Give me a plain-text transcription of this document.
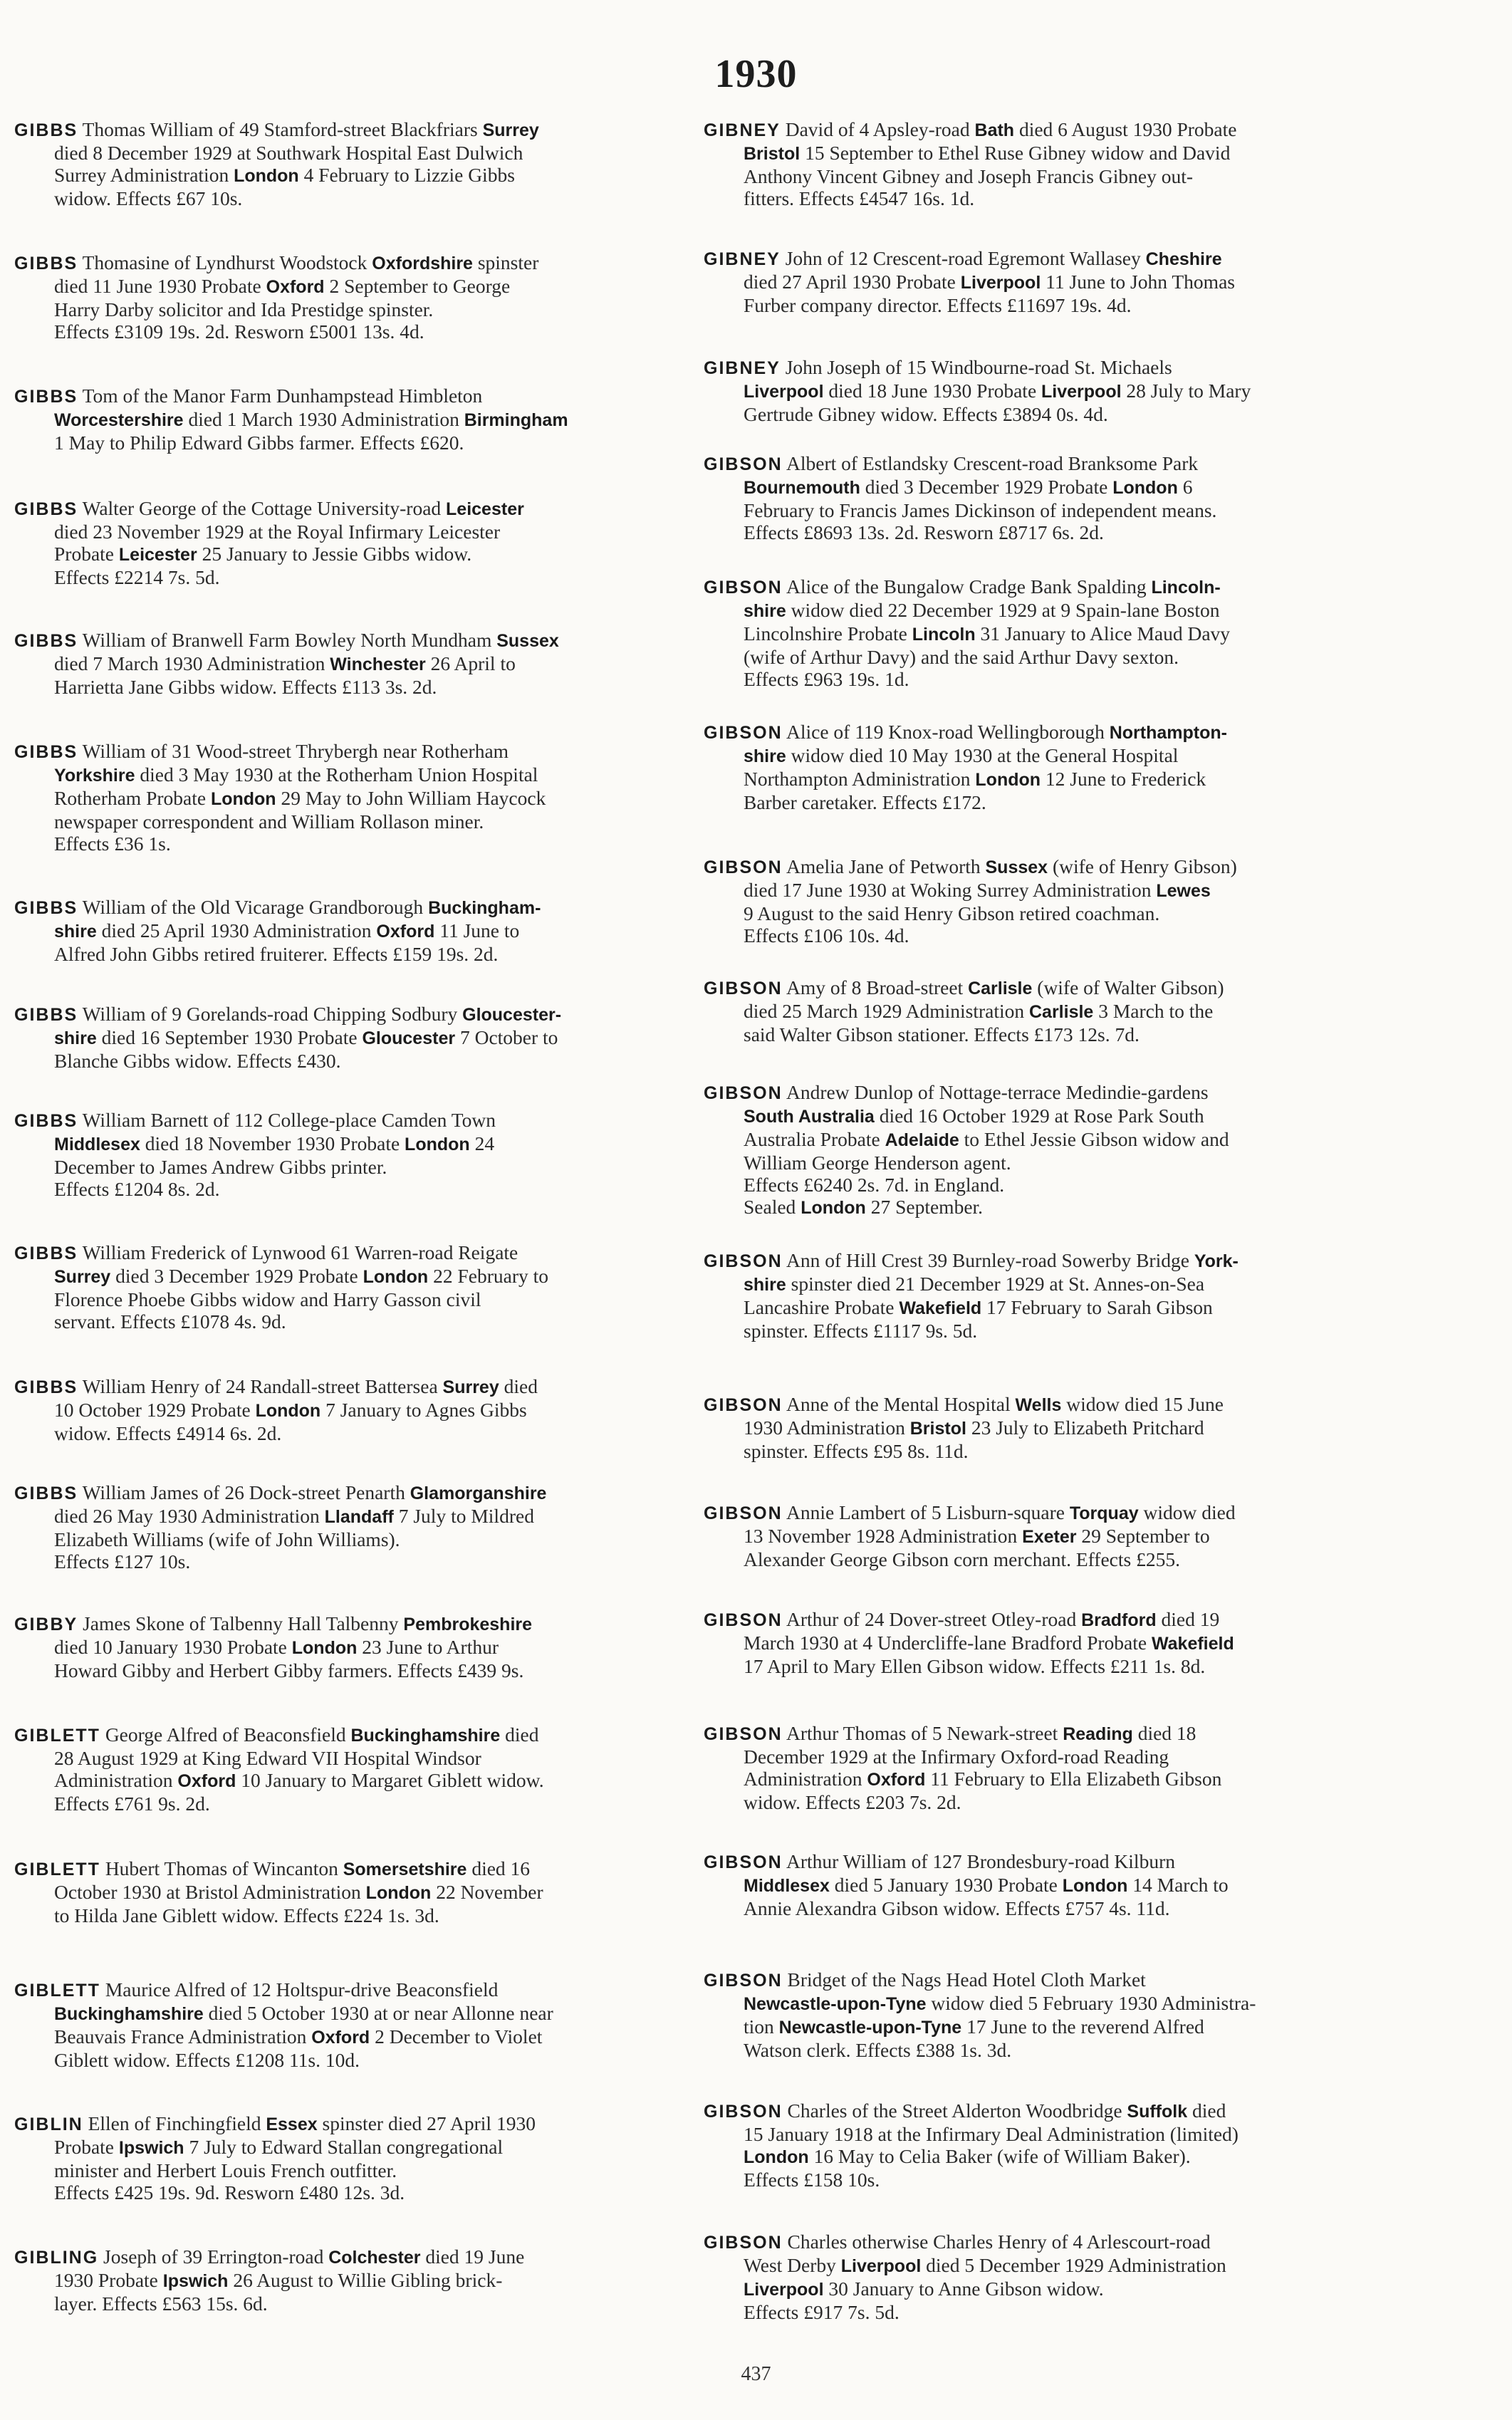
1930
GIBBS Thomas William of 49 Stamford-street Blackfriars Surrey
died 8 December 1929 at Southwark Hospital East Dulwich
Surrey Administration London 4 February to Lizzie Gibbs
widow. Effects £67 10s.
GIBBS Thomasine of Lyndhurst Woodstock Oxfordshire spinster
died 11 June 1930 Probate Oxford 2 September to George
Harry Darby solicitor and Ida Prestidge spinster.
Effects £3109 19s. 2d. Resworn £5001 13s. 4d.
GIBBS Tom of the Manor Farm Dunhampstead Himbleton
Worcestershire died 1 March 1930 Administration Birmingham
1 May to Philip Edward Gibbs farmer. Effects £620.
GIBBS Walter George of the Cottage University-road Leicester
died 23 November 1929 at the Royal Infirmary Leicester
Probate Leicester 25 January to Jessie Gibbs widow.
Effects £2214 7s. 5d.
GIBBS William of Branwell Farm Bowley North Mundham Sussex
died 7 March 1930 Administration Winchester 26 April to
Harrietta Jane Gibbs widow. Effects £113 3s. 2d.
GIBBS William of 31 Wood-street Thrybergh near Rotherham
Yorkshire died 3 May 1930 at the Rotherham Union Hospital
Rotherham Probate London 29 May to John William Haycock
newspaper correspondent and William Rollason miner.
Effects £36 1s.
GIBBS William of the Old Vicarage Grandborough Buckingham-
shire died 25 April 1930 Administration Oxford 11 June to
Alfred John Gibbs retired fruiterer. Effects £159 19s. 2d.
GIBBS William of 9 Gorelands-road Chipping Sodbury Gloucester-
shire died 16 September 1930 Probate Gloucester 7 October to
Blanche Gibbs widow. Effects £430.
GIBBS William Barnett of 112 College-place Camden Town
Middlesex died 18 November 1930 Probate London 24
December to James Andrew Gibbs printer.
Effects £1204 8s. 2d.
GIBBS William Frederick of Lynwood 61 Warren-road Reigate
Surrey died 3 December 1929 Probate London 22 February to
Florence Phoebe Gibbs widow and Harry Gasson civil
servant. Effects £1078 4s. 9d.
GIBBS William Henry of 24 Randall-street Battersea Surrey died
10 October 1929 Probate London 7 January to Agnes Gibbs
widow. Effects £4914 6s. 2d.
GIBBS William James of 26 Dock-street Penarth Glamorganshire
died 26 May 1930 Administration Llandaff 7 July to Mildred
Elizabeth Williams (wife of John Williams).
Effects £127 10s.
GIBBY James Skone of Talbenny Hall Talbenny Pembrokeshire
died 10 January 1930 Probate London 23 June to Arthur
Howard Gibby and Herbert Gibby farmers. Effects £439 9s.
GIBLETT George Alfred of Beaconsfield Buckinghamshire died
28 August 1929 at King Edward VII Hospital Windsor
Administration Oxford 10 January to Margaret Giblett widow.
Effects £761 9s. 2d.
GIBLETT Hubert Thomas of Wincanton Somersetshire died 16
October 1930 at Bristol Administration London 22 November
to Hilda Jane Giblett widow. Effects £224 1s. 3d.
GIBLETT Maurice Alfred of 12 Holtspur-drive Beaconsfield
Buckinghamshire died 5 October 1930 at or near Allonne near
Beauvais France Administration Oxford 2 December to Violet
Giblett widow. Effects £1208 11s. 10d.
GIBLIN Ellen of Finchingfield Essex spinster died 27 April 1930
Probate Ipswich 7 July to Edward Stallan congregational
minister and Herbert Louis French outfitter.
Effects £425 19s. 9d. Resworn £480 12s. 3d.
GIBLING Joseph of 39 Errington-road Colchester died 19 June
1930 Probate Ipswich 26 August to Willie Gibling brick-
layer. Effects £563 15s. 6d.
GIBNEY David of 4 Apsley-road Bath died 6 August 1930 Probate
Bristol 15 September to Ethel Ruse Gibney widow and David
Anthony Vincent Gibney and Joseph Francis Gibney out-
fitters. Effects £4547 16s. 1d.
GIBNEY John of 12 Crescent-road Egremont Wallasey Cheshire
died 27 April 1930 Probate Liverpool 11 June to John Thomas
Furber company director. Effects £11697 19s. 4d.
GIBNEY John Joseph of 15 Windbourne-road St. Michaels
Liverpool died 18 June 1930 Probate Liverpool 28 July to Mary
Gertrude Gibney widow. Effects £3894 0s. 4d.
GIBSON Albert of Estlandsky Crescent-road Branksome Park
Bournemouth died 3 December 1929 Probate London 6
February to Francis James Dickinson of independent means.
Effects £8693 13s. 2d. Resworn £8717 6s. 2d.
GIBSON Alice of the Bungalow Cradge Bank Spalding Lincoln-
shire widow died 22 December 1929 at 9 Spain-lane Boston
Lincolnshire Probate Lincoln 31 January to Alice Maud Davy
(wife of Arthur Davy) and the said Arthur Davy sexton.
Effects £963 19s. 1d.
GIBSON Alice of 119 Knox-road Wellingborough Northampton-
shire widow died 10 May 1930 at the General Hospital
Northampton Administration London 12 June to Frederick
Barber caretaker. Effects £172.
GIBSON Amelia Jane of Petworth Sussex (wife of Henry Gibson)
died 17 June 1930 at Woking Surrey Administration Lewes
9 August to the said Henry Gibson retired coachman.
Effects £106 10s. 4d.
GIBSON Amy of 8 Broad-street Carlisle (wife of Walter Gibson)
died 25 March 1929 Administration Carlisle 3 March to the
said Walter Gibson stationer. Effects £173 12s. 7d.
GIBSON Andrew Dunlop of Nottage-terrace Medindie-gardens
South Australia died 16 October 1929 at Rose Park South
Australia Probate Adelaide to Ethel Jessie Gibson widow and
William George Henderson agent.
Effects £6240 2s. 7d. in England.
Sealed London 27 September.
GIBSON Ann of Hill Crest 39 Burnley-road Sowerby Bridge York-
shire spinster died 21 December 1929 at St. Annes-on-Sea
Lancashire Probate Wakefield 17 February to Sarah Gibson
spinster. Effects £1117 9s. 5d.
GIBSON Anne of the Mental Hospital Wells widow died 15 June
1930 Administration Bristol 23 July to Elizabeth Pritchard
spinster. Effects £95 8s. 11d.
GIBSON Annie Lambert of 5 Lisburn-square Torquay widow died
13 November 1928 Administration Exeter 29 September to
Alexander George Gibson corn merchant. Effects £255.
GIBSON Arthur of 24 Dover-street Otley-road Bradford died 19
March 1930 at 4 Undercliffe-lane Bradford Probate Wakefield
17 April to Mary Ellen Gibson widow. Effects £211 1s. 8d.
GIBSON Arthur Thomas of 5 Newark-street Reading died 18
December 1929 at the Infirmary Oxford-road Reading
Administration Oxford 11 February to Ella Elizabeth Gibson
widow. Effects £203 7s. 2d.
GIBSON Arthur William of 127 Brondesbury-road Kilburn
Middlesex died 5 January 1930 Probate London 14 March to
Annie Alexandra Gibson widow. Effects £757 4s. 11d.
GIBSON Bridget of the Nags Head Hotel Cloth Market
Newcastle-upon-Tyne widow died 5 February 1930 Administra-
tion Newcastle-upon-Tyne 17 June to the reverend Alfred
Watson clerk. Effects £388 1s. 3d.
GIBSON Charles of the Street Alderton Woodbridge Suffolk died
15 January 1918 at the Infirmary Deal Administration (limited)
London 16 May to Celia Baker (wife of William Baker).
Effects £158 10s.
GIBSON Charles otherwise Charles Henry of 4 Arlescourt-road
West Derby Liverpool died 5 December 1929 Administration
Liverpool 30 January to Anne Gibson widow.
Effects £917 7s. 5d.
437
